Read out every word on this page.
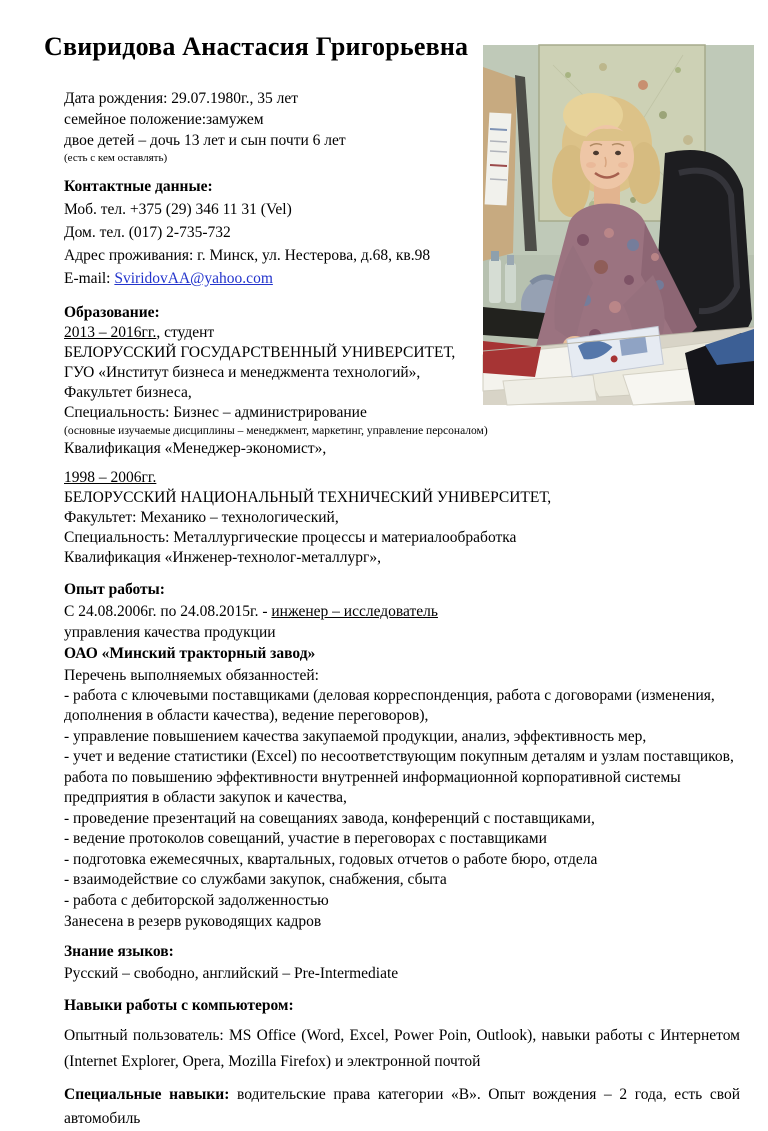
Свиридова Анастасия Григорьевна
Дата рождения: 29.07.1980г., 35 лет
семейное положение:замужем
двое детей – дочь 13 лет и сын почти 6 лет
(есть с кем оставлять)
Контактные данные:
Моб. тел. +375 (29) 346 11 31 (Vel)
Дом. тел. (017) 2-735-732
Адрес проживания: г. Минск, ул. Нестерова, д.68, кв.98
E-mail: SviridovAA@yahoo.com
Образование:
2013 – 2016гг., студент
БЕЛОРУССКИЙ ГОСУДАРСТВЕННЫЙ УНИВЕРСИТЕТ,
ГУО «Институт бизнеса и менеджмента технологий»,
Факультет бизнеса,
Специальность: Бизнес – администрирование
(основные изучаемые дисциплины – менеджмент, маркетинг, управление персоналом)
Квалификация «Менеджер-экономист»,
1998 – 2006гг.
БЕЛОРУССКИЙ НАЦИОНАЛЬНЫЙ ТЕХНИЧЕСКИЙ УНИВЕРСИТЕТ,
Факультет: Механико – технологический,
Специальность: Металлургические процессы и материалообработка
Квалификация «Инженер-технолог-металлург»,
Опыт работы:
С 24.08.2006г. по 24.08.2015г. - инженер – исследователь
управления качества продукции
ОАО «Минский тракторный завод»
Перечень выполняемых обязанностей:
- работа с ключевыми поставщиками (деловая корреспонденция, работа с договорами (изменения, дополнения в области качества), ведение переговоров),
- управление повышением качества закупаемой продукции, анализ, эффективность мер,
- учет и ведение статистики (Excel) по несоответствующим покупным деталям и узлам поставщиков, работа по повышению эффективности внутренней информационной корпоративной системы предприятия в области закупок и качества,
- проведение презентаций на совещаниях завода, конференций с поставщиками,
- ведение протоколов совещаний, участие в переговорах с поставщиками
- подготовка ежемесячных, квартальных, годовых отчетов о работе бюро, отдела
- взаимодействие со службами закупок, снабжения, сбыта
- работа с дебиторской задолженностью
Занесена в резерв руководящих кадров
Знание языков:
Русский – свободно, английский – Pre-Intermediate
Навыки работы с компьютером:
Опытный пользователь: MS Office (Word, Excel, Power Poin, Outlook), навыки работы с Интернетом (Internet Explorer, Opera, Mozilla Firefox) и электронной почтой
Специальные навыки: водительские права категории «В». Опыт вождения – 2 года, есть свой автомобиль
